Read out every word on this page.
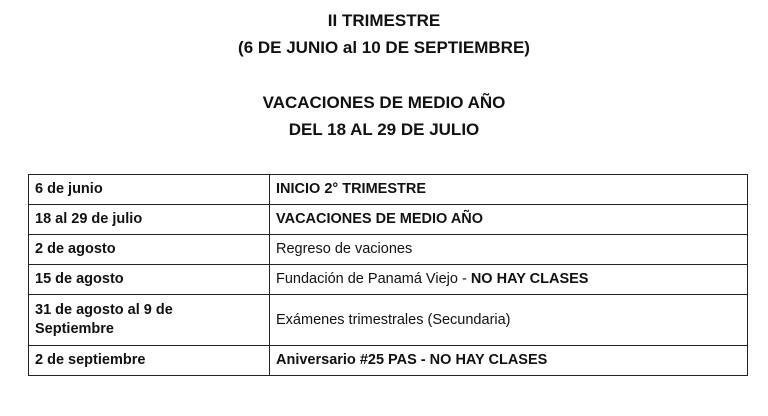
II TRIMESTRE

(6 DE JUNIO al 10 DE SEPTIEMBRE)

VACACIONES DE MEDIO AÑO

DEL 18 AL 29 DE JULIO

6 de junio	INICIO 2° TRIMESTRE
18 al 29 de julio	VACACIONES DE MEDIO AÑO
2 de agosto	Regreso de vaciones
15 de agosto	Fundación de Panamá Viejo - NO HAY CLASES
31 de agosto al 9 de
Septiembre	Exámenes trimestrales (Secundaria)
2 de septiembre	Aniversario #25 PAS - NO HAY CLASES
